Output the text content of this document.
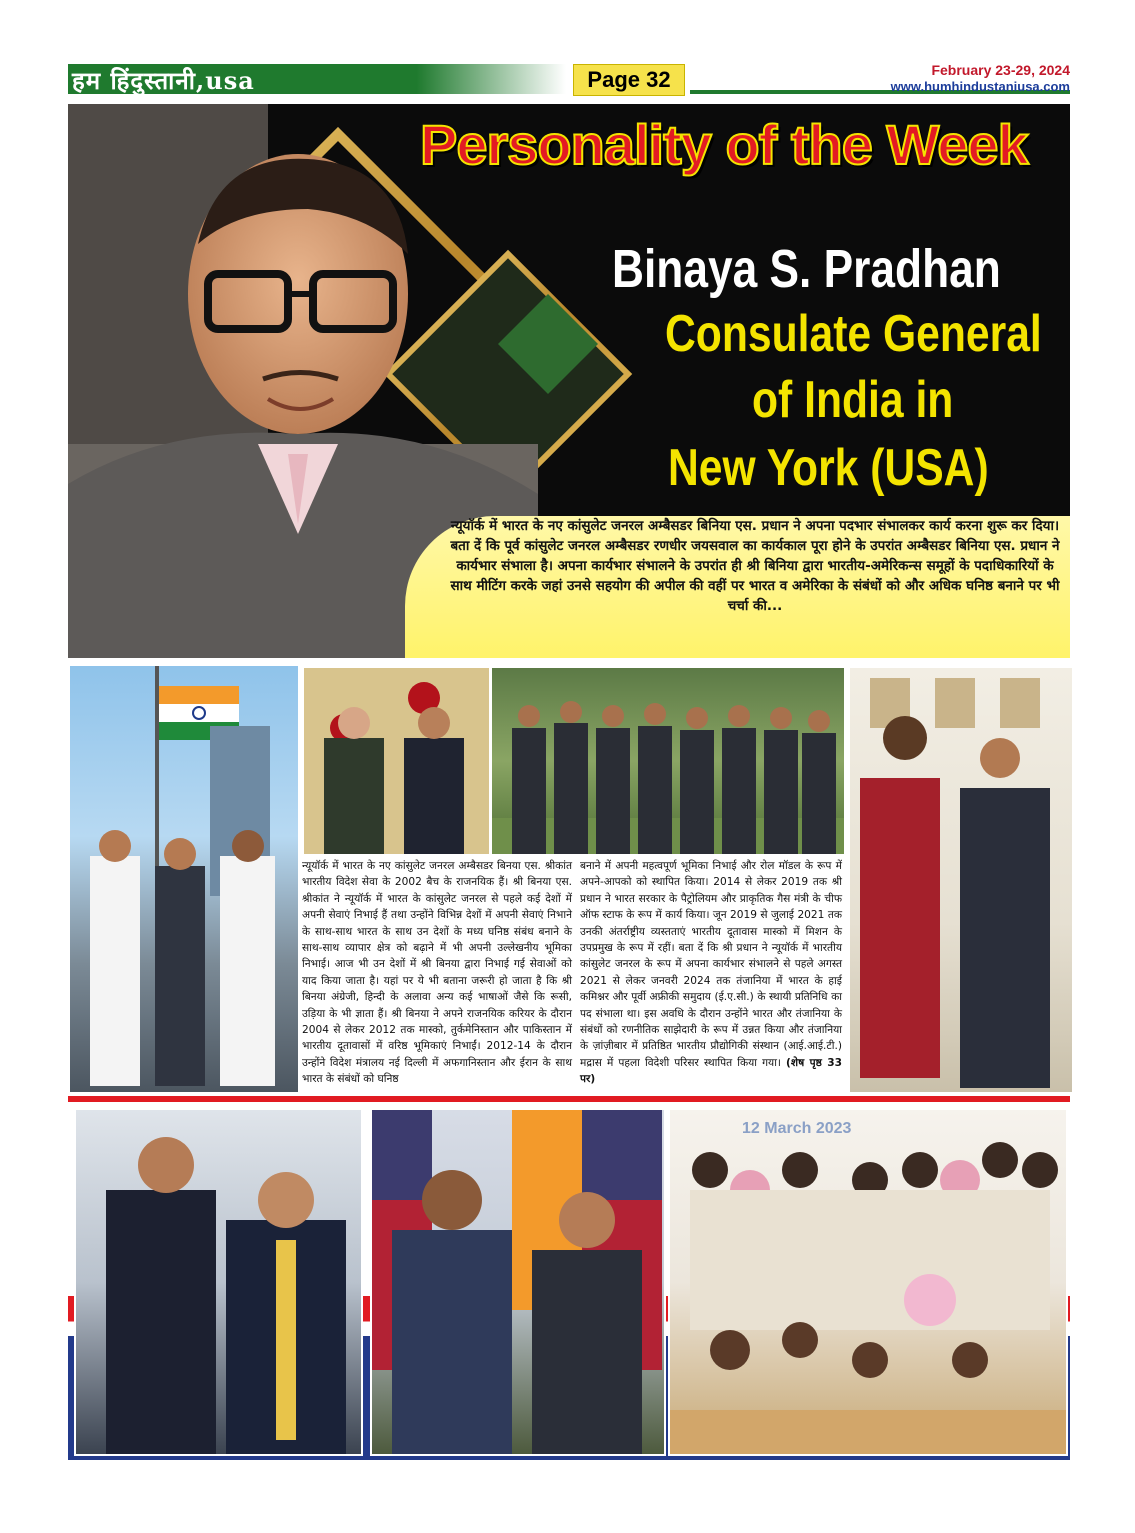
हम हिंदुस्तानी,usa	Page 32	February 23-29, 2024
www.humhindustaniusa.com
Personality of the Week
Binaya S. Pradhan
Consulate General
of India in
New York (USA)
न्यूयॉर्क में भारत के नए कांसुलेट जनरल अम्बैसडर बिनिया एस. प्रधान ने अपना पदभार संभालकर कार्य करना शुरू कर दिया। बता दें कि पूर्व कांसुलेट जनरल अम्बैसडर रणधीर जयसवाल का कार्यकाल पूरा होने के उपरांत अम्बैसडर बिनिया एस. प्रधान ने कार्यभार संभाला है। अपना कार्यभार संभालने के उपरांत ही श्री बिनिया द्वारा भारतीय-अमेरिकन्स समूहों के पदाधिकारियों के साथ मीटिंग करके जहां उनसे सहयोग की अपील की वहीं पर भारत व अमेरिका के संबंधों को और अधिक घनिष्ठ बनाने पर भी चर्चा की...
न्यूयॉर्क में भारत के नए कांसुलेट जनरल अम्बैसडर बिनया एस. श्रीकांत भारतीय विदेश सेवा के 2002 बैच के राजनयिक हैं। श्री बिनया एस. श्रीकांत ने न्यूयॉर्क में भारत के कांसुलेट जनरल से पहले कई देशों में अपनी सेवाएं निभाई हैं तथा उन्होंने विभिन्न देशों में अपनी सेवाएं निभाने के साथ-साथ भारत के साथ उन देशों के मध्य घनिष्ठ संबंध बनाने के साथ-साथ व्यापार क्षेत्र को बढ़ाने में भी अपनी उल्लेखनीय भूमिका निभाई। आज भी उन देशों में श्री बिनया द्वारा निभाई गई सेवाओं को याद किया जाता है। यहां पर ये भी बताना जरूरी हो जाता है कि श्री बिनया अंग्रेजी, हिन्दी के अलावा अन्य कई भाषाओं जैसे कि रूसी, उड़िया के भी ज्ञाता हैं। श्री बिनया ने अपने राजनयिक करियर के दौरान 2004 से लेकर 2012 तक मास्को, तुर्कमेनिस्तान और पाकिस्तान में भारतीय दूतावासों में वरिष्ठ भूमिकाएं निभाईं। 2012-14 के दौरान उन्होंने विदेश मंत्रालय नई दिल्ली में अफगानिस्तान और ईरान के साथ भारत के संबंधों को घनिष्ठ
बनाने में अपनी महत्वपूर्ण भूमिका निभाई और रोल मॉडल के रूप में अपने-आपको को स्थापित किया। 2014 से लेकर 2019 तक श्री प्रधान ने भारत सरकार के पैट्रोलियम और प्राकृतिक गैस मंत्री के चीफ ऑफ स्टाफ के रूप में कार्य किया। जून 2019 से जुलाई 2021 तक उनकी अंतर्राष्ट्रीय व्यस्तताएं भारतीय दूतावास मास्को में मिशन के उपप्रमुख के रूप में रहीं। बता दें कि श्री प्रधान ने न्यूयॉर्क में भारतीय कांसुलेट जनरल के रूप में अपना कार्यभार संभालने से पहले अगस्त 2021 से लेकर जनवरी 2024 तक तंजानिया में भारत के हाई कमिश्नर और पूर्वी अफ्रीकी समुदाय (ई.ए.सी.) के स्थायी प्रतिनिधि का पद संभाला था। इस अवधि के दौरान उन्होंने भारत और तंजानिया के संबंधों को रणनीतिक साझेदारी के रूप में उन्नत किया और तंजानिया के ज़ांज़ीबार में प्रतिष्ठित भारतीय प्रौद्योगिकी संस्थान (आई.आई.टी.) मद्रास में पहला विदेशी परिसर स्थापित किया गया। (शेष पृष्ठ 33 पर)
12 March 2023
